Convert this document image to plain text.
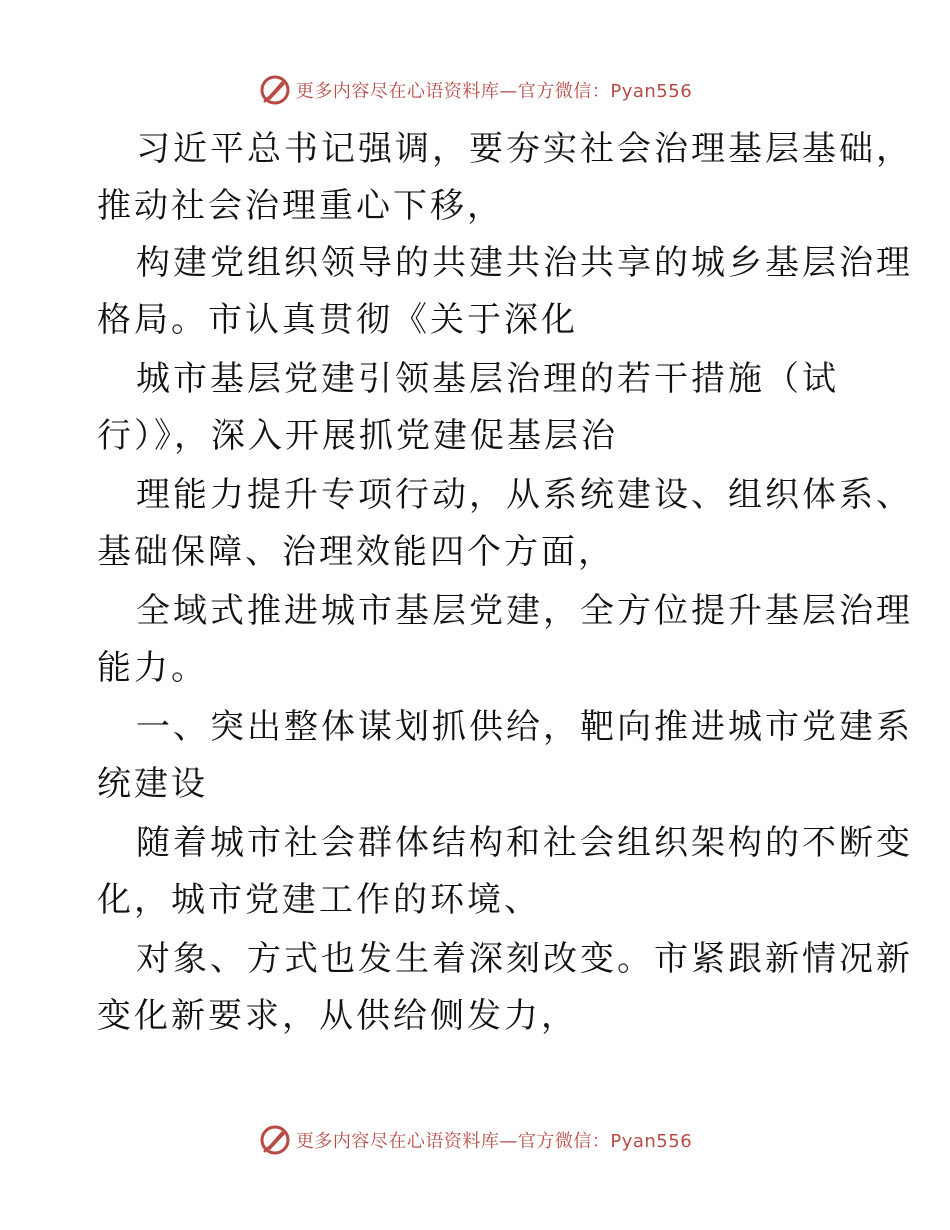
更多内容尽在心语资料库—官方微信：Pyan556
习近平总书记强调，要夯实社会治理基层基础，
推动社会治理重心下移，
构建党组织领导的共建共治共享的城乡基层治理
格局。市认真贯彻《关于深化
城市基层党建引领基层治理的若干措施（试
行）》，深入开展抓党建促基层治
理能力提升专项行动，从系统建设、组织体系、
基础保障、治理效能四个方面，
全域式推进城市基层党建，全方位提升基层治理
能力。
一、突出整体谋划抓供给，靶向推进城市党建系
统建设
随着城市社会群体结构和社会组织架构的不断变
化，城市党建工作的环境、
对象、方式也发生着深刻改变。市紧跟新情况新
变化新要求，从供给侧发力，
更多内容尽在心语资料库—官方微信：Pyan556
